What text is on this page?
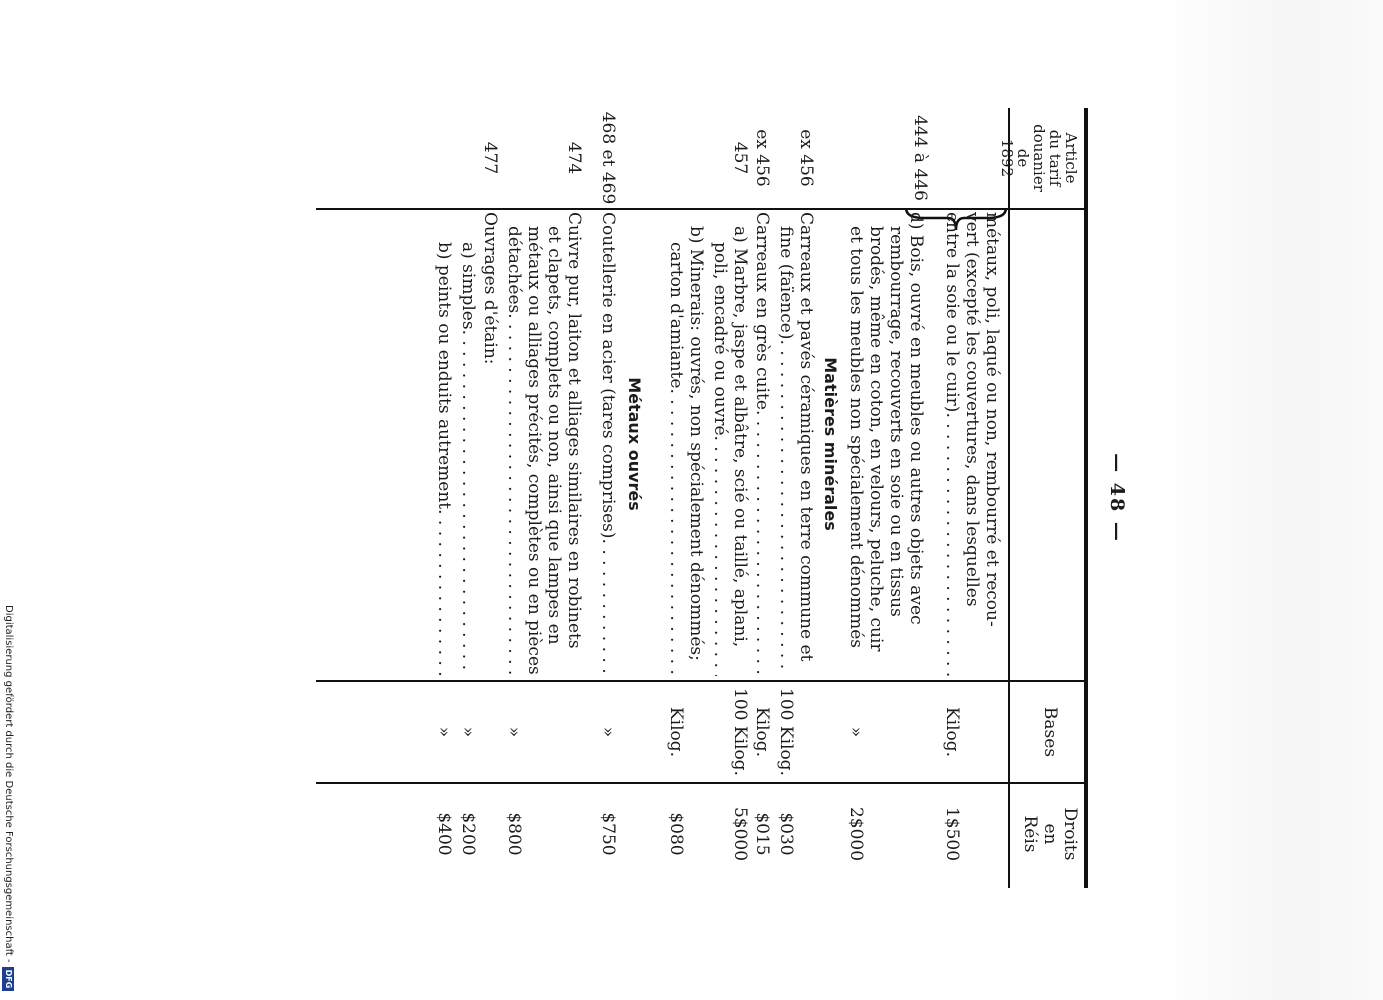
— 48 —
Article
du tarif
douanier
de
1892
Bases
Droits
en
Réis
métaux, poli, laqué ou non, rembourré et recou-
vert (excepté les couvertures, dans lesquelles
entre la soie ou le cuir)
. . .
Kilog.
1$500
444 à 446
d) Bois, ouvré en meubles ou autres objets avec
rembourrage, recouverts en soie ou en tissus
brodés, même en coton, en velours, peluche, cuir
et tous les meubles non spécialement dénommés
»
2$000
Matières minérales
ex 456
Carreaux et pavés céramiques en terre commune et
fine (faïence)
. . .
100 Kilog.
$030
ex 456
Carreaux en grès cuite
. . .
Kilog.
$015
457
a) Marbre, jaspe et albâtre, scié ou taillé, aplani,
poli, encadré ou ouvré
. . .
100 Kilog.
5$000
b) Minerais: ouvrés, non spécialement dénommés;
carton d'amiante
. . .
Kilog.
$080
Métaux ouvrés
468 et 469
Coutellerie en acier (tares comprises)
. . .
»
$750
474
Cuivre pur, laiton et alliages similaires en robinets
et clapets, complets ou non, ainsi que lampes en
métaux ou alliages précités, complètes ou en pièces
détachées
. . .
»
$800
477
Ouvrages d'étain:
a) simples
. . .
»
$200
b) peints ou enduits autrement
. . .
»
$400
Digitalisierung gefördert durch die Deutsche Forschungsgemeinschaft -DFG
